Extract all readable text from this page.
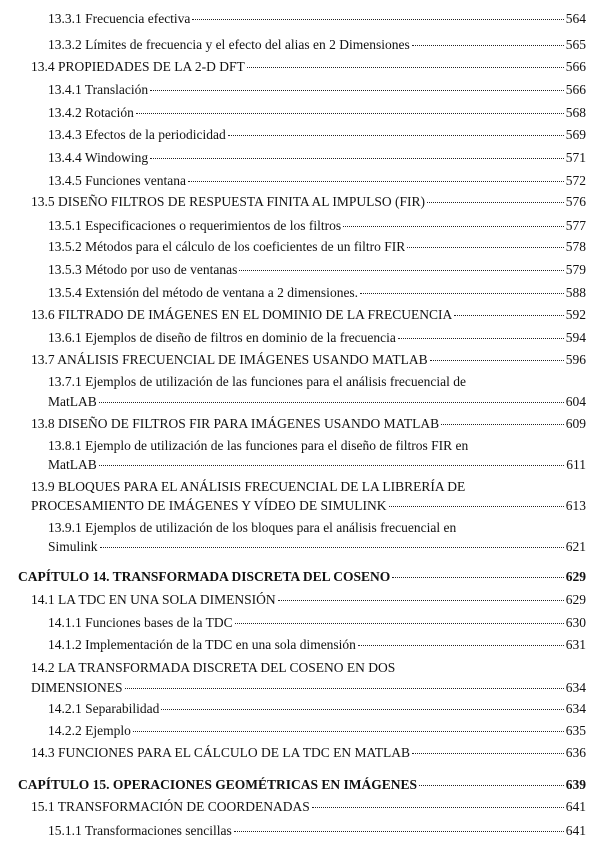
13.3.1 Frecuencia efectiva	564
13.3.2 Límites de frecuencia y el efecto del alias en 2 Dimensiones	565
13.4 PROPIEDADES DE LA 2-D DFT	566
13.4.1 Translación	566
13.4.2 Rotación	568
13.4.3 Efectos de la periodicidad	569
13.4.4 Windowing	571
13.4.5 Funciones ventana	572
13.5 DISEÑO FILTROS DE RESPUESTA FINITA AL IMPULSO (FIR)	576
13.5.1 Especificaciones o requerimientos de los filtros	577
13.5.2 Métodos para el cálculo de los coeficientes de un filtro FIR	578
13.5.3 Método por uso de ventanas	579
13.5.4 Extensión del método de ventana a 2 dimensiones.	588
13.6 FILTRADO DE IMÁGENES EN EL DOMINIO DE LA FRECUENCIA	592
13.6.1 Ejemplos de diseño de filtros en dominio de la frecuencia	594
13.7 ANÁLISIS FRECUENCIAL DE IMÁGENES USANDO MATLAB	596
13.7.1 Ejemplos de utilización de las funciones para el análisis frecuencial de
MatLAB	604
13.8 DISEÑO DE FILTROS FIR PARA IMÁGENES USANDO MATLAB	609
13.8.1 Ejemplo de utilización de las funciones para el diseño de filtros FIR en
MatLAB	611
13.9 BLOQUES PARA EL ANÁLISIS FRECUENCIAL DE LA LIBRERÍA DE
PROCESAMIENTO DE IMÁGENES Y VÍDEO DE SIMULINK	613
13.9.1 Ejemplos de utilización de los bloques para el análisis frecuencial en
Simulink	621
CAPÍTULO 14. TRANSFORMADA DISCRETA DEL COSENO	629
14.1 LA TDC EN UNA SOLA DIMENSIÓN	629
14.1.1 Funciones bases de la TDC	630
14.1.2 Implementación de la TDC en una sola dimensión	631
14.2 LA TRANSFORMADA DISCRETA DEL COSENO EN DOS
DIMENSIONES	634
14.2.1 Separabilidad	634
14.2.2 Ejemplo	635
14.3 FUNCIONES PARA EL CÁLCULO DE LA TDC EN MATLAB	636
CAPÍTULO 15. OPERACIONES GEOMÉTRICAS EN IMÁGENES	639
15.1 TRANSFORMACIÓN DE COORDENADAS	641
15.1.1 Transformaciones sencillas	641
